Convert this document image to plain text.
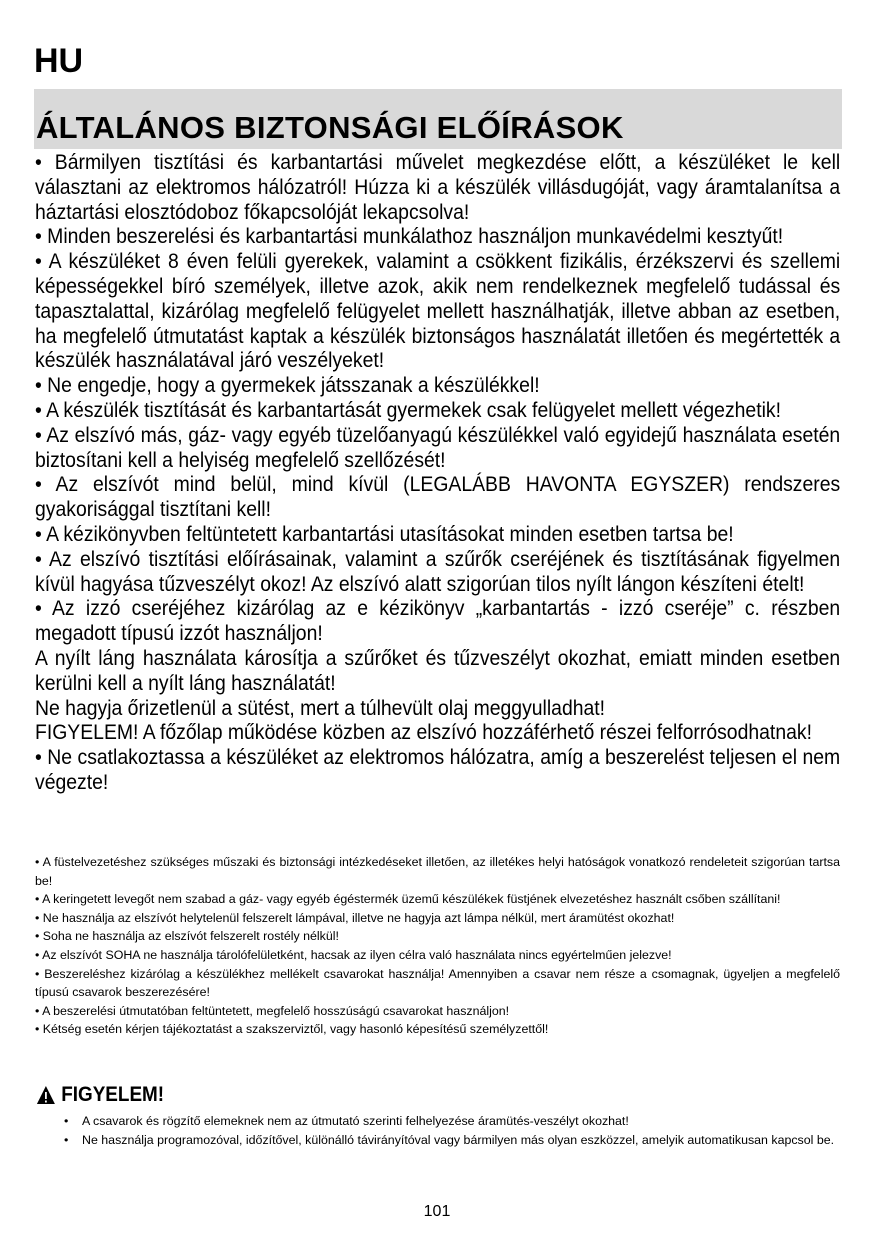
HU
ÁLTALÁNOS BIZTONSÁGI ELŐÍRÁSOK

• Bármilyen tisztítási és karbantartási művelet megkezdése előtt, a készüléket le kell választani az elektromos hálózatról! Húzza ki a készülék villásdugóját, vagy áramtalanítsa a háztartási elosztódoboz főkapcsolóját lekapcsolva!

• Minden beszerelési és karbantartási munkálathoz használjon munkavédelmi kesztyűt!

• A készüléket 8 éven felüli gyerekek, valamint a csökkent fizikális, érzékszervi és szellemi képességekkel bíró személyek, illetve azok, akik nem rendelkeznek megfelelő tudással és tapasztalattal, kizárólag megfelelő felügyelet mellett használhatják, illetve abban az esetben, ha megfelelő útmutatást kaptak a készülék biztonságos használatát illetően és megértették a készülék használatával járó veszélyeket!

• Ne engedje, hogy a gyermekek játsszanak a készülékkel!

• A készülék tisztítását és karbantartását gyermekek csak felügyelet mellett végezhetik!

• Az elszívó más, gáz- vagy egyéb tüzelőanyagú készülékkel való egyidejű használata esetén biztosítani kell a helyiség megfelelő szellőzését!

• Az elszívót mind belül, mind kívül (LEGALÁBB HAVONTA EGYSZER) rendszeres gyakorisággal tisztítani kell!

• A kézikönyvben feltüntetett karbantartási utasításokat minden esetben tartsa be!

• Az elszívó tisztítási előírásainak, valamint a szűrők cseréjének és tisztításának figyelmen kívül hagyása tűzveszélyt okoz! Az elszívó alatt szigorúan tilos nyílt lángon készíteni ételt!

• Az izzó cseréjéhez kizárólag az e kézikönyv „karbantartás - izzó cseréje” c. részben megadott típusú izzót használjon!

A nyílt láng használata károsítja a szűrőket és tűzveszélyt okozhat, emiatt minden esetben kerülni kell a nyílt láng használatát!

Ne hagyja őrizetlenül a sütést, mert a túlhevült olaj meggyulladhat!

FIGYELEM! A főzőlap működése közben az elszívó hozzáférhető részei felforrósodhatnak!

• Ne csatlakoztassa a készüléket az elektromos hálózatra, amíg a beszerelést teljesen el nem végezte!

• A füstelvezetéshez szükséges műszaki és biztonsági intézkedéseket illetően, az illetékes helyi hatóságok vonatkozó rendeleteit szigorúan tartsa be!

• A keringetett levegőt nem szabad a gáz- vagy egyéb égéstermék üzemű készülékek füstjének elvezetéshez használt csőben szállítani!

• Ne használja az elszívót helytelenül felszerelt lámpával, illetve ne hagyja azt lámpa nélkül, mert áramütést okozhat!

• Soha ne használja az elszívót felszerelt rostély nélkül!

• Az elszívót SOHA ne használja tárolófelületként, hacsak az ilyen célra való használata nincs egyértelműen jelezve!

• Beszereléshez kizárólag a készülékhez mellékelt csavarokat használja! Amennyiben a csavar nem része a csomagnak, ügyeljen a megfelelő típusú csavarok beszerezésére!

• A beszerelési útmutatóban feltüntetett, megfelelő hosszúságú csavarokat használjon!

• Kétség esetén kérjen tájékoztatást a szakszerviztől, vagy hasonló képesítésű személyzettől!

FIGYELEM!
• A csavarok és rögzítő elemeknek nem az útmutató szerinti felhelyezése áramütés-veszélyt okozhat!
• Ne használja programozóval, időzítővel, különálló távirányítóval vagy bármilyen más olyan eszközzel, amelyik automatikusan kapcsol be.
101
